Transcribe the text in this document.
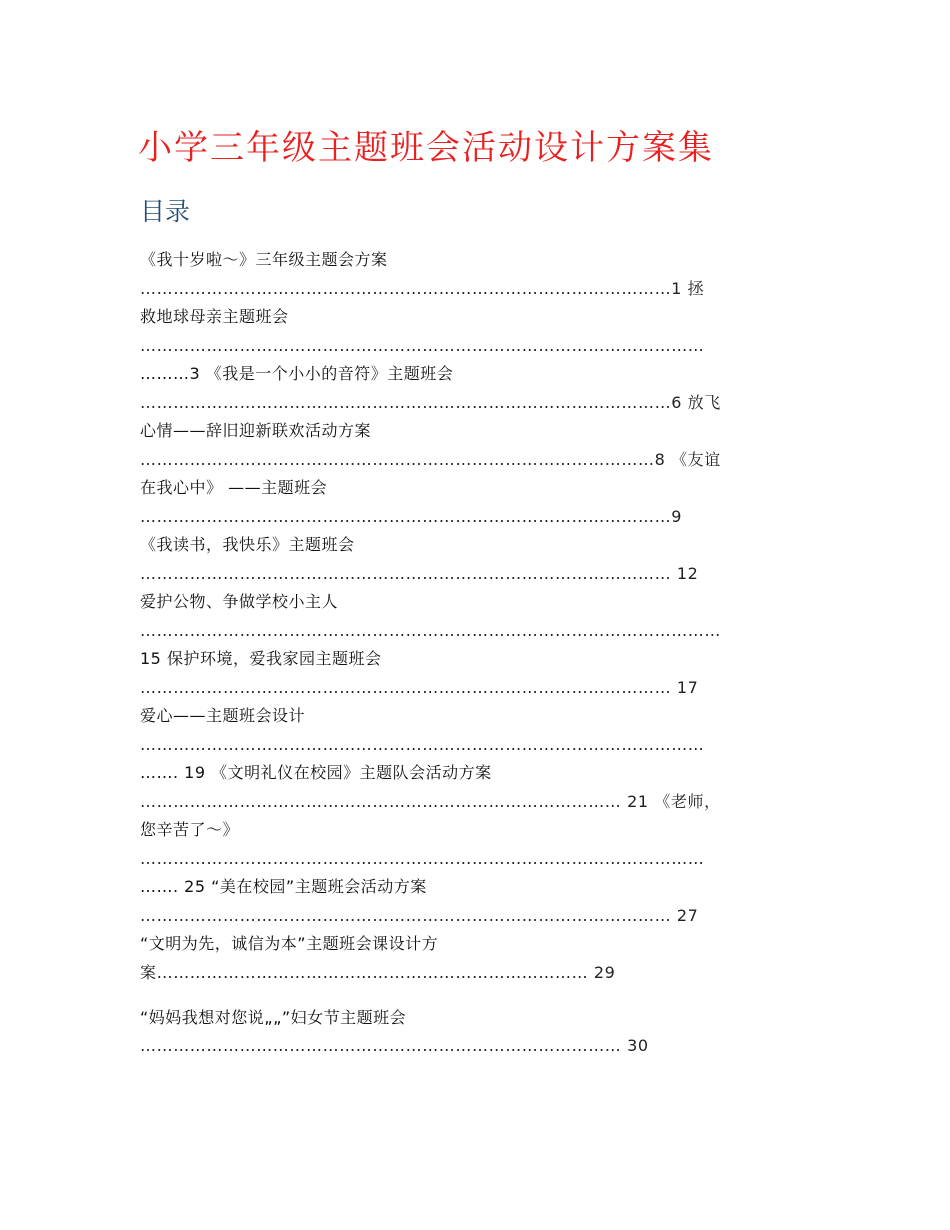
小学三年级主题班会活动设计方案集
目录
《我十岁啦～》三年级主题会方案
……………………………………………………………………………………1 拯
救地球母亲主题班会
…………………………………………………………………………………………
………3 《我是一个小小的音符》主题班会
……………………………………………………………………………………6 放飞
心情——辞旧迎新联欢活动方案
…………………………………………………………………………………8 《友谊
在我心中》 ——主题班会
……………………………………………………………………………………9
《我读书，我快乐》主题班会
…………………………………………………………………………………… 12
爱护公物、争做学校小主人
……………………………………………………………………………………………
15 保护环境，爱我家园主题班会
…………………………………………………………………………………… 17
爱心——主题班会设计
…………………………………………………………………………………………
……. 19 《文明礼仪在校园》主题队会活动方案
…………………………………………………………………………… 21 《老师，
您辛苦了～》
…………………………………………………………………………………………
……. 25 “美在校园”主题班会活动方案
…………………………………………………………………………………… 27
“文明为先，诚信为本”主题班会课设计方
案…………………………………………………………………… 29
“妈妈我想对您说„„”妇女节主题班会
…………………………………………………………………………… 30
